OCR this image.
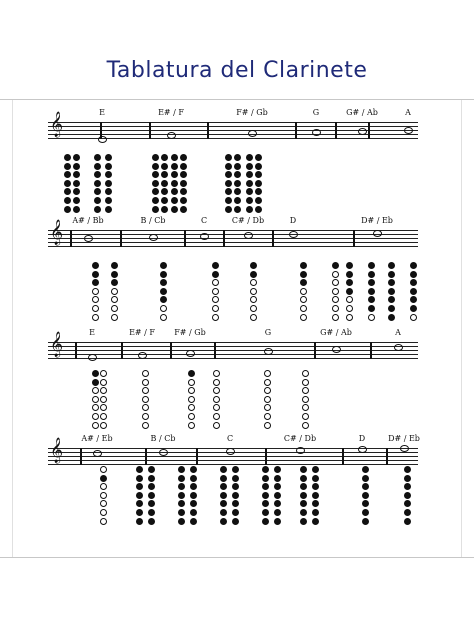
Tablatura del Clarinete
𝄞	E	E# / F	F# / Gb	G	G# / Ab	A
𝄞 A# / Bb	B / Cb	C	C# / Db	D	D# / Eb
𝄞	E	E# / F F# / Gb	G	G# / Ab	A
𝄞 A# / Eb	B / Cb	C	C# / Db	D	D# / Eb
